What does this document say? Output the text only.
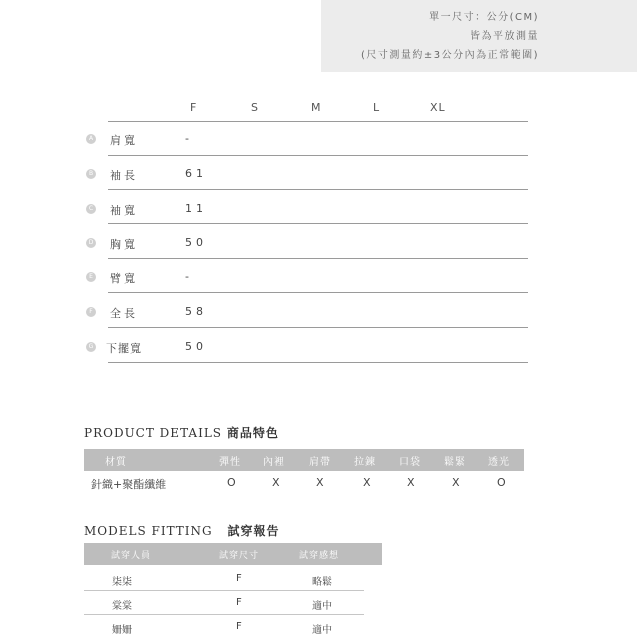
單一尺寸：公分(CM)
皆為平放測量
(尺寸測量約±3公分內為正常範圍)
F	S	M	L	XL
A 肩寬	-
B 袖長	61
C 袖寬	11
D 胸寬	50
E 臂寬	-
F 全長	58
G 下擺寬	50
PRODUCT DETAILS 商品特色
材質	彈性 內裡 肩帶 拉鍊 口袋 鬆緊 透光
針織+聚酯纖維	O	X	X	X	X	X	O
MODELS FITTING 試穿報告
試穿人員	試穿尺寸	試穿感想
柒柒	F	略鬆
棠棠	F	適中
姍姍	F	適中
